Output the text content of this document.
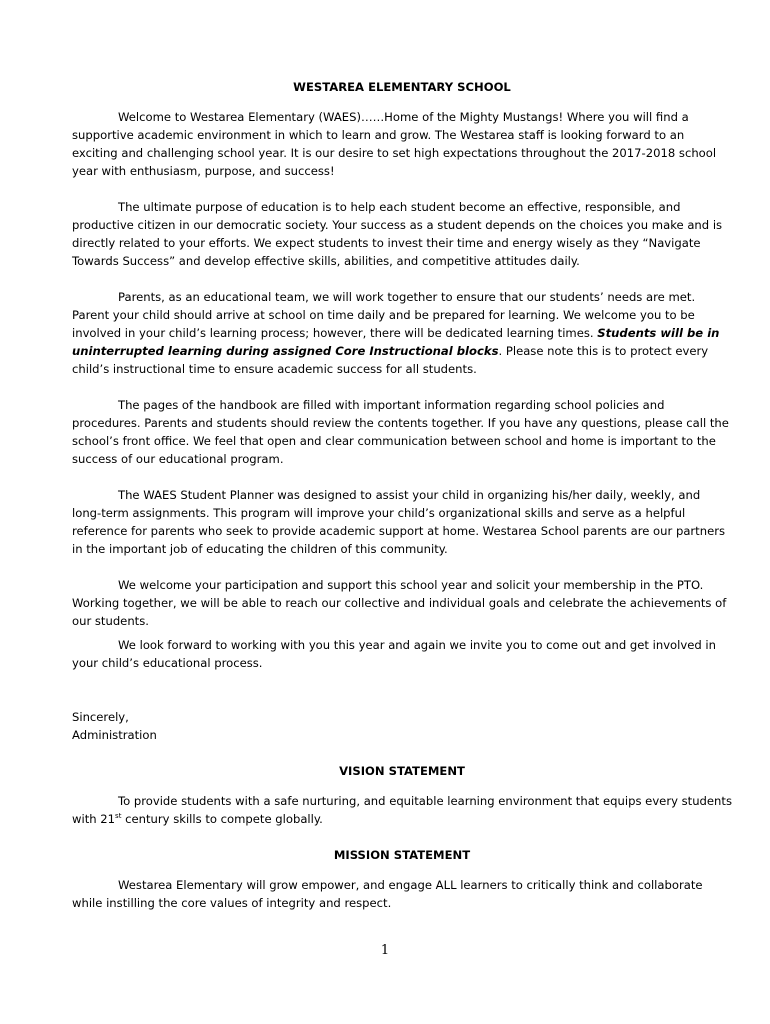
WESTAREA ELEMENTARY SCHOOL

Welcome to Westarea Elementary (WAES)……Home of the Mighty Mustangs! Where you will find a supportive academic environment in which to learn and grow. The Westarea staff is looking forward to an exciting and challenging school year. It is our desire to set high expectations throughout the 2017-2018 school year with enthusiasm, purpose, and success!

The ultimate purpose of education is to help each student become an effective, responsible, and productive citizen in our democratic society. Your success as a student depends on the choices you make and is directly related to your efforts. We expect students to invest their time and energy wisely as they “Navigate Towards Success” and develop effective skills, abilities, and competitive attitudes daily.

Parents, as an educational team, we will work together to ensure that our students’ needs are met. Parent your child should arrive at school on time daily and be prepared for learning. We welcome you to be involved in your child’s learning process; however, there will be dedicated learning times. Students will be in uninterrupted learning during assigned Core Instructional blocks. Please note this is to protect every child’s instructional time to ensure academic success for all students.

The pages of the handbook are filled with important information regarding school policies and procedures. Parents and students should review the contents together. If you have any questions, please call the school’s front office. We feel that open and clear communication between school and home is important to the success of our educational program.

The WAES Student Planner was designed to assist your child in organizing his/her daily, weekly, and long-term assignments. This program will improve your child’s organizational skills and serve as a helpful reference for parents who seek to provide academic support at home. Westarea School parents are our partners in the important job of educating the children of this community.

We welcome your participation and support this school year and solicit your membership in the PTO. Working together, we will be able to reach our collective and individual goals and celebrate the achievements of our students.

We look forward to working with you this year and again we invite you to come out and get involved in your child’s educational process.

Sincerely,
Administration
VISION STATEMENT

To provide students with a safe nurturing, and equitable learning environment that equips every students with 21st century skills to compete globally.

MISSION STATEMENT

Westarea Elementary will grow empower, and engage ALL learners to critically think and collaborate while instilling the core values of integrity and respect.

1
